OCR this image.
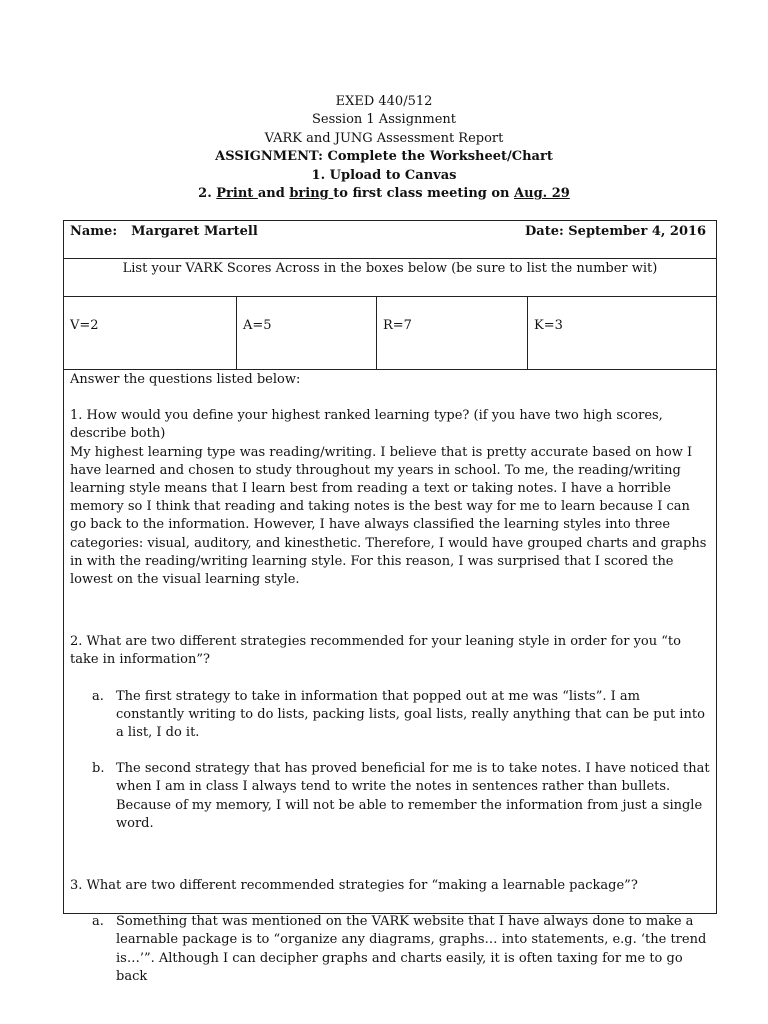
EXED 440/512
Session 1 Assignment
VARK and JUNG Assessment Report
ASSIGNMENT: Complete the Worksheet/Chart
1. Upload to Canvas
2. Print and bring to first class meeting on Aug. 29
Name: Margaret Martell	Date: September 4, 2016
List your VARK Scores Across in the boxes below (be sure to list the number wit)
V=2	A=5	R=7	K=3
Answer the questions listed below:
1. How would you define your highest ranked learning type? (if you have two high scores, describe both)
My highest learning type was reading/writing. I believe that is pretty accurate based on how I have learned and chosen to study throughout my years in school. To me, the reading/writing learning style means that I learn best from reading a text or taking notes. I have a horrible memory so I think that reading and taking notes is the best way for me to learn because I can go back to the information. However, I have always classified the learning styles into three categories: visual, auditory, and kinesthetic. Therefore, I would have grouped charts and graphs in with the reading/writing learning style. For this reason, I was surprised that I scored the lowest on the visual learning style.
2. What are two different strategies recommended for your leaning style in order for you “to take in information”?
a. The first strategy to take in information that popped out at me was “lists”. I am constantly writing to do lists, packing lists, goal lists, really anything that can be put into a list, I do it.
b. The second strategy that has proved beneficial for me is to take notes. I have noticed that when I am in class I always tend to write the notes in sentences rather than bullets. Because of my memory, I will not be able to remember the information from just a single word.
3. What are two different recommended strategies for “making a learnable package”?
a. Something that was mentioned on the VARK website that I have always done to make a learnable package is to “organize any diagrams, graphs… into statements, e.g. ‘the trend is…’”. Although I can decipher graphs and charts easily, it is often taxing for me to go back
